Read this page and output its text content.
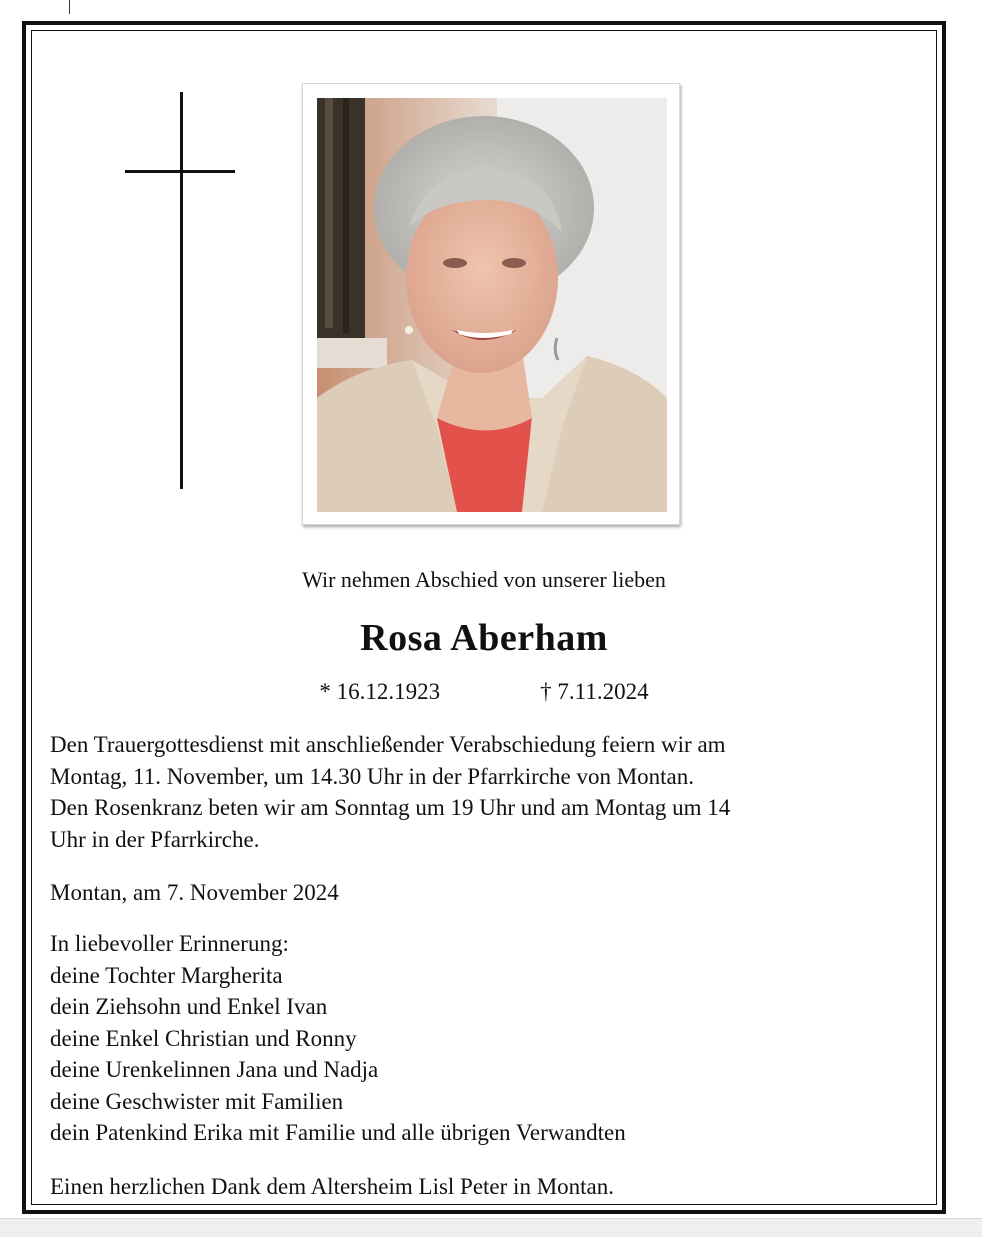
Wir nehmen Abschied von unserer lieben
Rosa Aberham
* 16.12.1923	† 7.11.2024

Den Trauergottesdienst mit anschließender Verabschiedung feiern wir am

Montag, 11. November, um 14.30 Uhr in der Pfarrkirche von Montan.

Den Rosenkranz beten wir am Sonntag um 19 Uhr und am Montag um 14

Uhr in der Pfarrkirche.

Montan, am 7. November 2024

In liebevoller Erinnerung:

deine Tochter Margherita

dein Ziehsohn und Enkel Ivan

deine Enkel Christian und Ronny

deine Urenkelinnen Jana und Nadja

deine Geschwister mit Familien

dein Patenkind Erika mit Familie und alle übrigen Verwandten

Einen herzlichen Dank dem Altersheim Lisl Peter in Montan.
